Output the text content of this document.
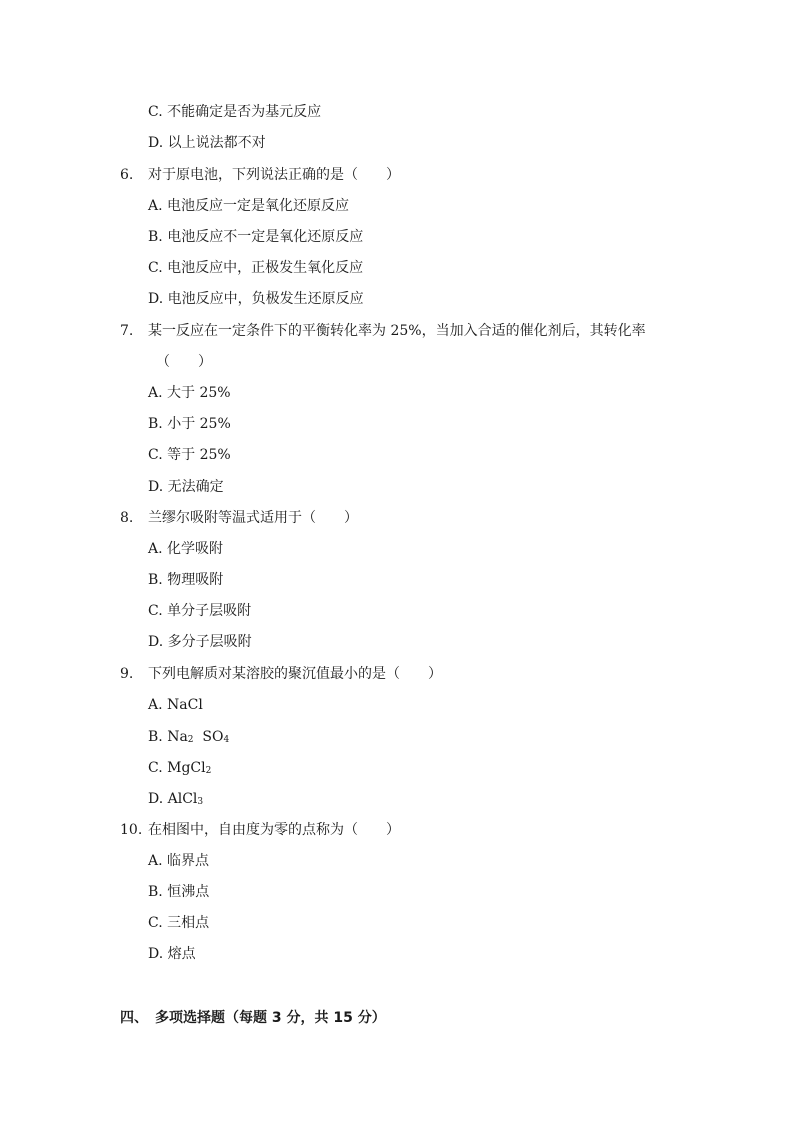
C. 不能确定是否为基元反应
D. 以上说法都不对
6. 对于原电池，下列说法正确的是（　　）
A. 电池反应一定是氧化还原反应
B. 电池反应不一定是氧化还原反应
C. 电池反应中，正极发生氧化反应
D. 电池反应中，负极发生还原反应
7. 某一反应在一定条件下的平衡转化率为 25%，当加入合适的催化剂后，其转化率
（　　）
A. 大于 25%
B. 小于 25%
C. 等于 25%
D. 无法确定
8. 兰缪尔吸附等温式适用于（　　）
A. 化学吸附
B. 物理吸附
C. 单分子层吸附
D. 多分子层吸附
9. 下列电解质对某溶胶的聚沉值最小的是（　　）
A. NaCl
B. $Na_2$  $SO_4$
C. MgCl$_2$
D. AlCl$_3$
10. 在相图中，自由度为零的点称为（　　）
A. 临界点
B. 恒沸点
C. 三相点
D. 熔点
四、　多项选择题（每题 3 分，共 15 分）
